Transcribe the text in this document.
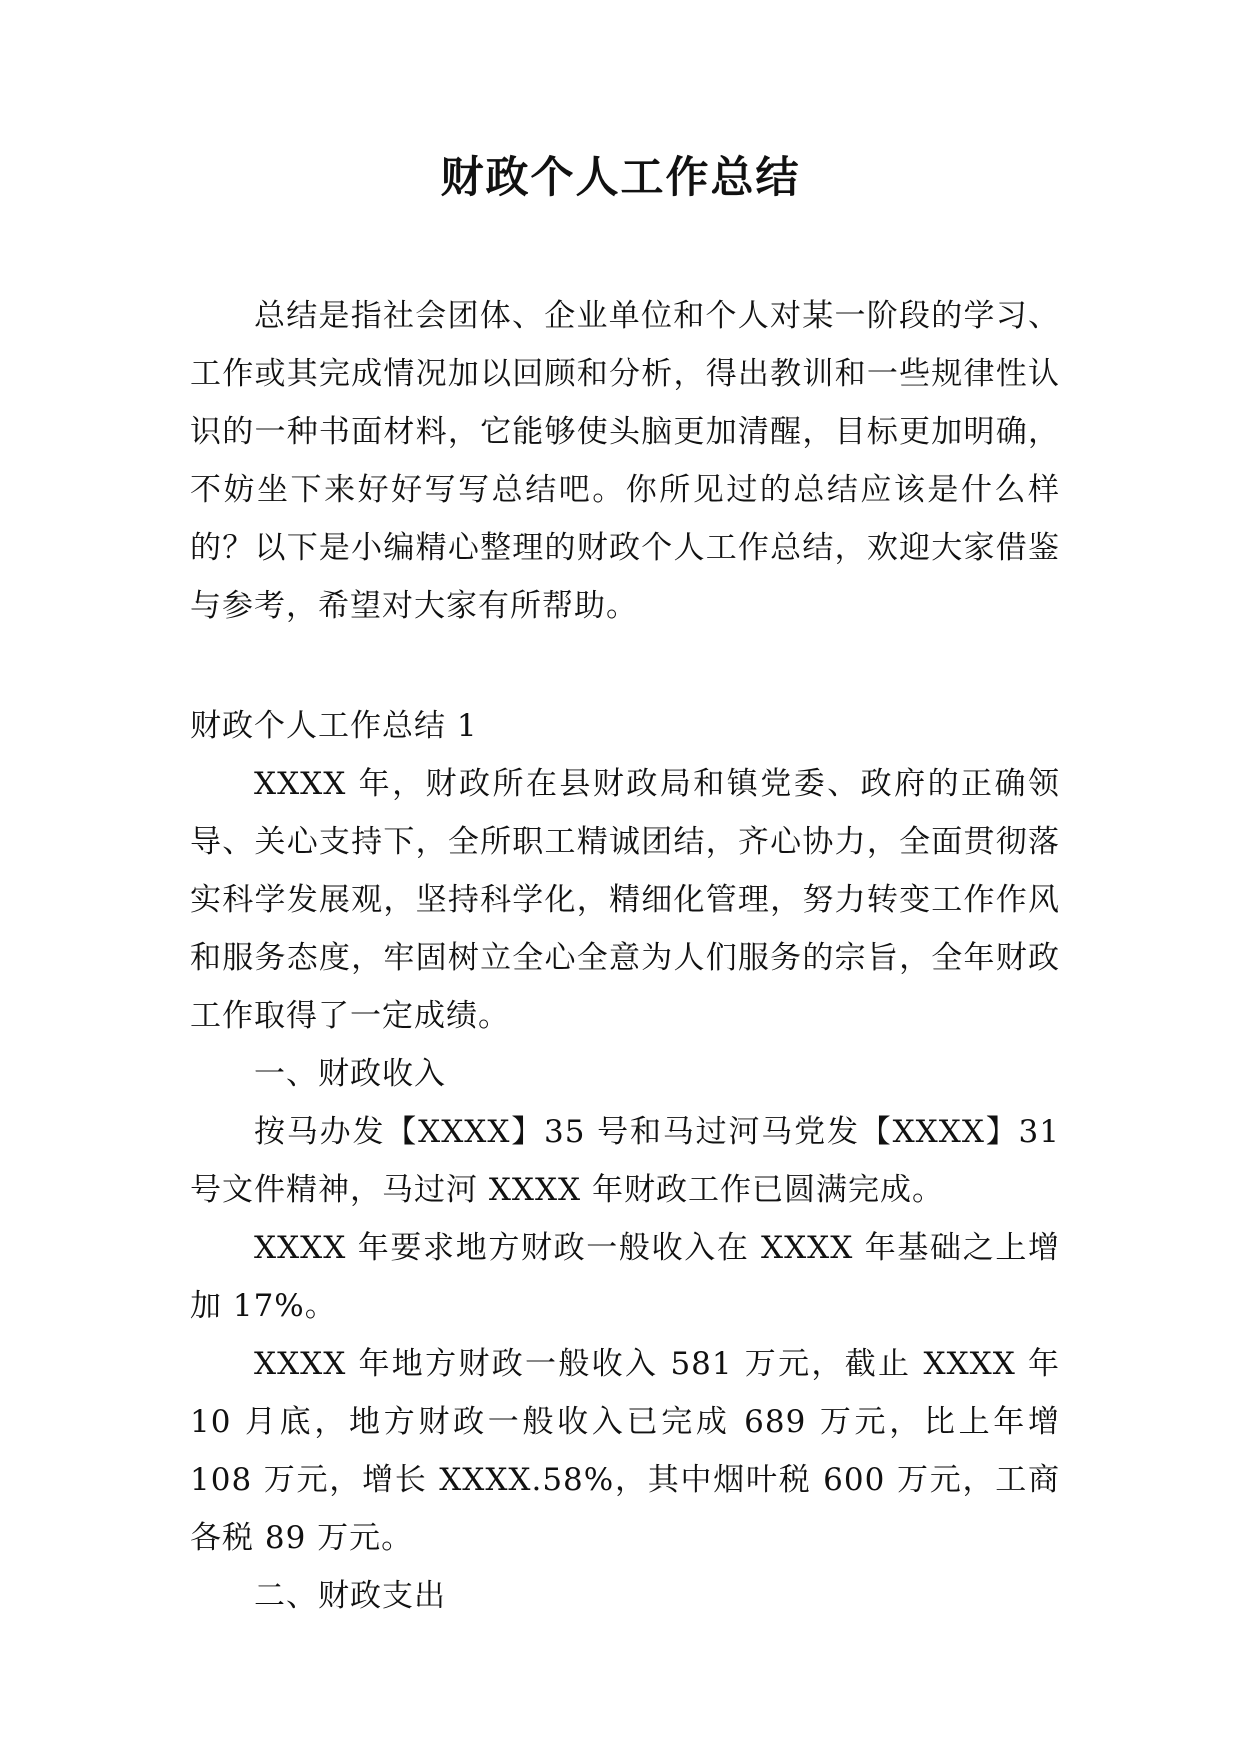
财政个人工作总结

总结是指社会团体、企业单位和个人对某一阶段的学习、工作或其完成情况加以回顾和分析，得出教训和一些规律性认识的一种书面材料，它能够使头脑更加清醒，目标更加明确，不妨坐下来好好写写总结吧。你所见过的总结应该是什么样的？以下是小编精心整理的财政个人工作总结，欢迎大家借鉴与参考，希望对大家有所帮助。

财政个人工作总结 1

XXXX 年，财政所在县财政局和镇党委、政府的正确领导、关心支持下，全所职工精诚团结，齐心协力，全面贯彻落实科学发展观，坚持科学化，精细化管理，努力转变工作作风和服务态度，牢固树立全心全意为人们服务的宗旨，全年财政工作取得了一定成绩。

一、财政收入

按马办发【XXXX】35 号和马过河马党发【XXXX】31 号文件精神，马过河 XXXX 年财政工作已圆满完成。

XXXX 年要求地方财政一般收入在 XXXX 年基础之上增加 17%。

XXXX 年地方财政一般收入 581 万元，截止 XXXX 年 10 月底，地方财政一般收入已完成 689 万元，比上年增 108 万元，增长 XXXX.58%，其中烟叶税 600 万元，工商各税 89 万元。

二、财政支出
